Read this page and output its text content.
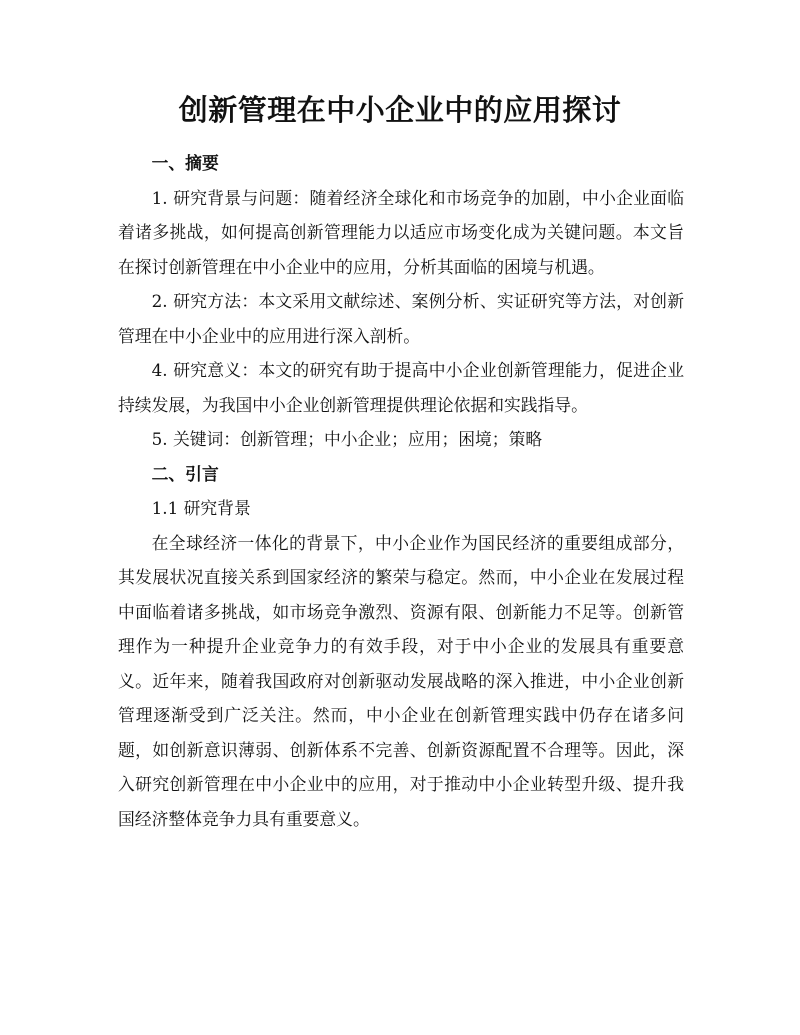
创新管理在中小企业中的应用探讨

一、摘要

1. 研究背景与问题：随着经济全球化和市场竞争的加剧，中小企业面临着诸多挑战，如何提高创新管理能力以适应市场变化成为关键问题。本文旨在探讨创新管理在中小企业中的应用，分析其面临的困境与机遇。

2. 研究方法：本文采用文献综述、案例分析、实证研究等方法，对创新管理在中小企业中的应用进行深入剖析。

4. 研究意义：本文的研究有助于提高中小企业创新管理能力，促进企业持续发展，为我国中小企业创新管理提供理论依据和实践指导。

5. 关键词：创新管理；中小企业；应用；困境；策略

二、引言

1.1 研究背景

在全球经济一体化的背景下，中小企业作为国民经济的重要组成部分，其发展状况直接关系到国家经济的繁荣与稳定。然而，中小企业在发展过程中面临着诸多挑战，如市场竞争激烈、资源有限、创新能力不足等。创新管理作为一种提升企业竞争力的有效手段，对于中小企业的发展具有重要意义。近年来，随着我国政府对创新驱动发展战略的深入推进，中小企业创新管理逐渐受到广泛关注。然而，中小企业在创新管理实践中仍存在诸多问题，如创新意识薄弱、创新体系不完善、创新资源配置不合理等。因此，深入研究创新管理在中小企业中的应用，对于推动中小企业转型升级、提升我国经济整体竞争力具有重要意义。
